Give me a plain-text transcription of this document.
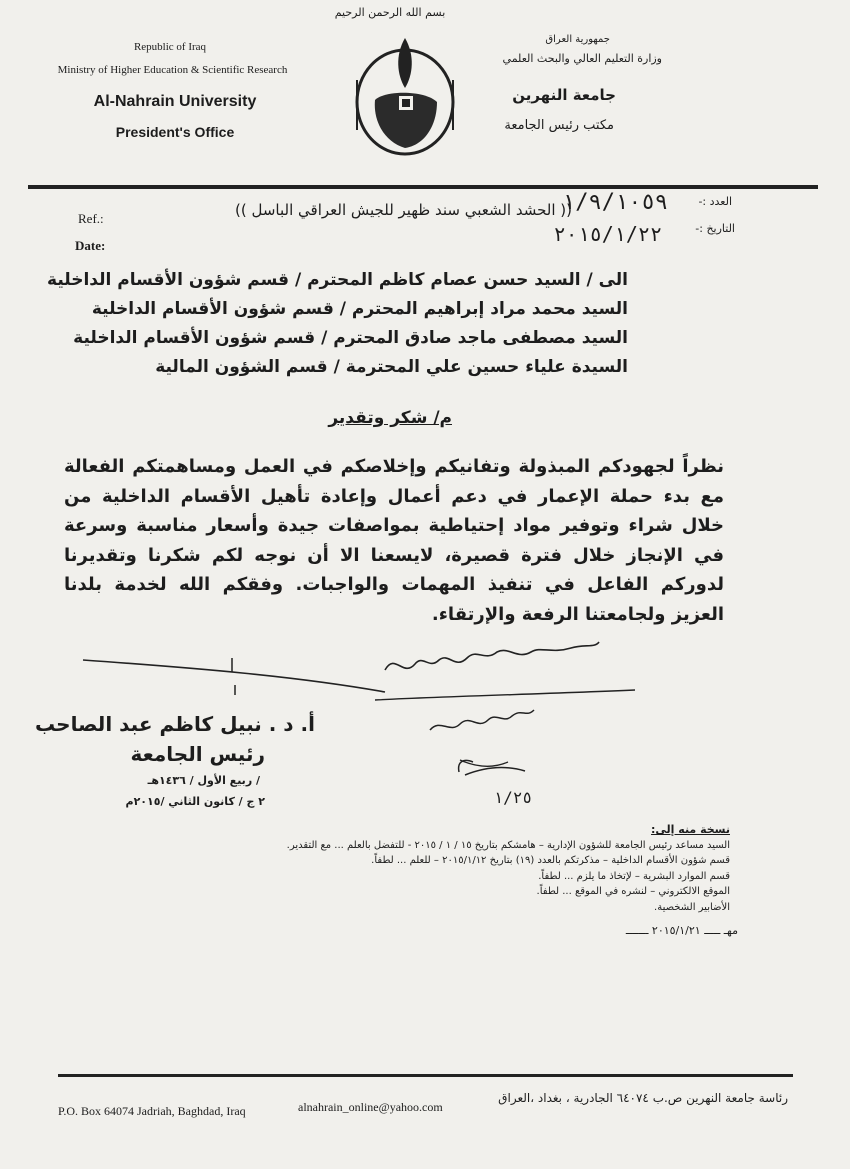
Republic of Iraq
Ministry of Higher Education & Scientific Research
Al-Nahrain University
President's Office
بسم الله الرحمن الرحيم
جمهورية العراق
وزارة التعليم العالي والبحث العلمي
جامعة النهرين
مكتب رئيس الجامعة
Ref.:
Date:
العدد :-
التاريخ :-
١/٩/١٠٥٩
(( الحشد الشعبي سند ظهير للجيش العراقي الباسل ))
٢٠١٥/١/٢٢
الى / السيد حسن عصام كاظم المحترم / قسم شؤون الأقسام الداخلية
السيد محمد مراد إبراهيم المحترم / قسم شؤون الأقسام الداخلية
السيد مصطفى ماجد صادق المحترم / قسم شؤون الأقسام الداخلية
السيدة علياء حسين علي المحترمة / قسم الشؤون المالية
م/ شكر وتقدير
نظراً لجهودكم المبذولة وتفانيكم وإخلاصكم في العمل ومساهمتكم الفعالة مع بدء حملة الإعمار في دعم أعمال وإعادة تأهيل الأقسام الداخلية من خلال شراء وتوفير مواد إحتياطية بمواصفات جيدة وأسعار مناسبة وسرعة في الإنجاز خلال فترة قصيرة، لايسعنا الا أن نوجه لكم شكرنا وتقديرنا لدوركم الفاعل في تنفيذ المهمات والواجبات. وفقكم الله لخدمة بلدنا العزيز ولجامعتنا الرفعة والإرتقاء.
١/٢٥
أ. د . نبيل كاظم عبد الصاحب
رئيس الجامعة
/ ربيع الأول / ١٤٣٦هـ
٢ ج / كانون الثاني /٢٠١٥م
نسخة منه إلى:
السيد مساعد رئيس الجامعة للشؤون الإدارية – هامشكم بتاريخ ١٥ / ١ / ٢٠١٥ - للتفضل بالعلم ... مع التقدير.
قسم شؤون الأقسام الداخلية – مذكرتكم بالعدد (١٩) بتاريخ ٢٠١٥/١/١٢ – للعلم ... لطفاً.
قسم الموارد البشرية – لإتخاذ ما يلزم ... لطفاً.
الموقع الالكتروني – لنشره في الموقع ... لطفاً.
الأضابير الشخصية.
مهـ ـــــ ٢٠١٥/١/٢١ ـــــــ
P.O. Box 64074 Jadriah, Baghdad, Iraq	alnahrain_online@yahoo.com
رئاسة جامعة النهرين ص.ب ٦٤٠٧٤ الجادرية ، بغداد ،العراق
